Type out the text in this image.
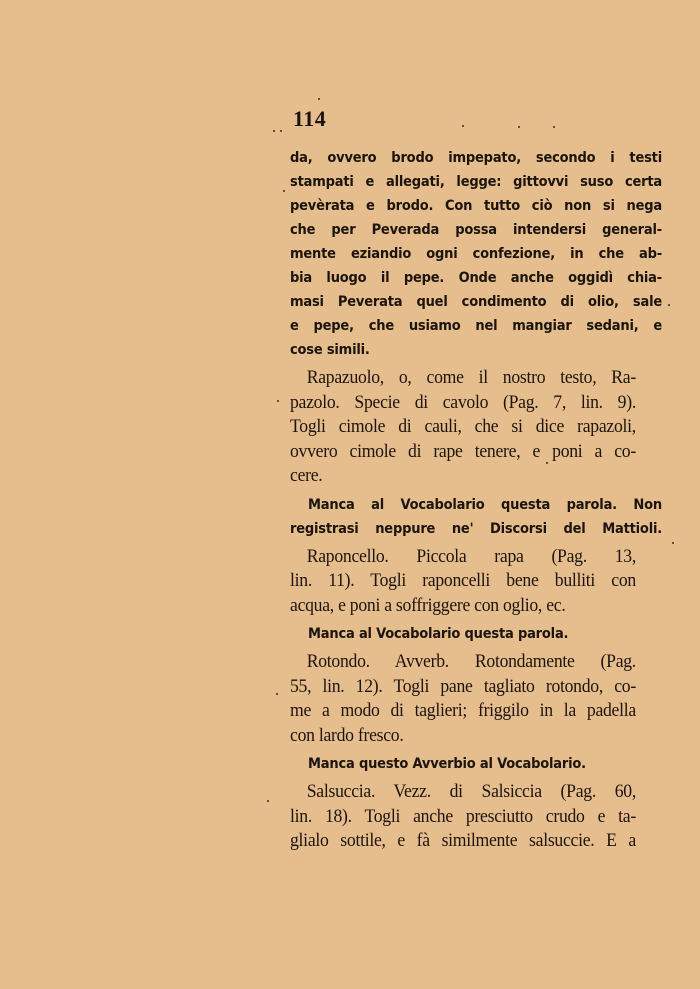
114
da, ovvero brodo impepato, secondo i testi
stampati e allegati, legge: gittovvi suso certa
pevèrata e brodo. Con tutto ciò non si nega
che per Peverada possa intendersi general-
mente eziandio ogni confezione, in che ab-
bia luogo il pepe. Onde anche oggidì chia-
masi Peverata quel condimento di olio, sale
e pepe, che usiamo nel mangiar sedani, e
cose simili.
Rapazuolo, o, come il nostro testo, Ra-
pazolo. Specie di cavolo (Pag. 7, lin. 9).
Togli cimole di cauli, che si dice rapazoli,
ovvero cimole di rape tenere, e poni a co-
cere.
Manca al Vocabolario questa parola. Non
registrasi neppure ne' Discorsi del Mattioli.
Raponcello. Piccola rapa (Pag. 13,
lin. 11). Togli raponcelli bene bulliti con
acqua, e poni a soffriggere con oglio, ec.
Manca al Vocabolario questa parola.
Rotondo. Avverb. Rotondamente (Pag.
55, lin. 12). Togli pane tagliato rotondo, co-
me a modo di taglieri; friggilo in la padella
con lardo fresco.
Manca questo Avverbio al Vocabolario.
Salsuccia. Vezz. di Salsiccia (Pag. 60,
lin. 18). Togli anche presciutto crudo e ta-
glialo sottile, e fà similmente salsuccie. E a
